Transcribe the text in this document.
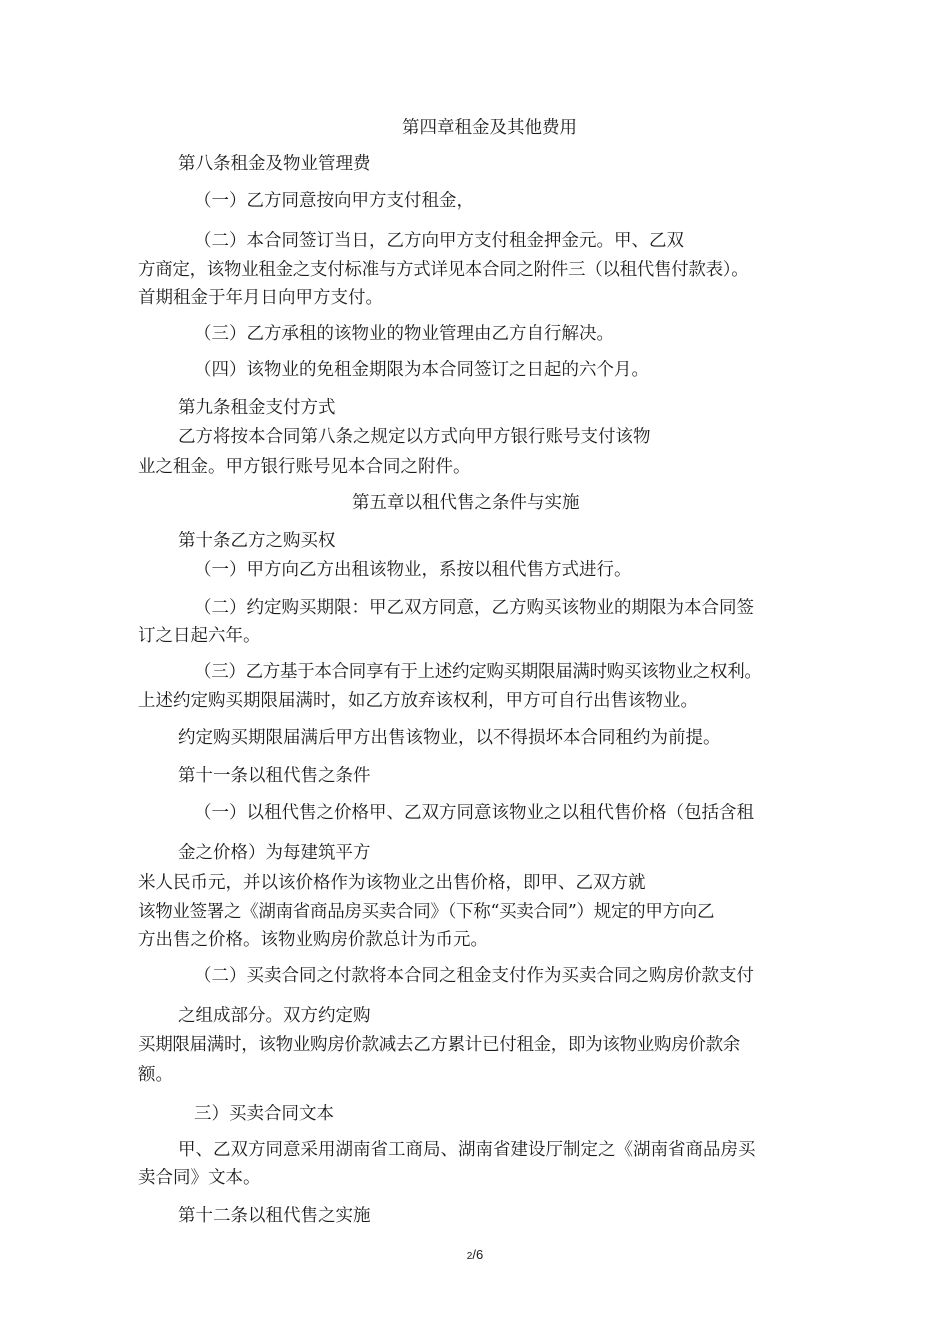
第四章租金及其他费用
第八条租金及物业管理费
（一）乙方同意按向甲方支付租金，
（二）本合同签订当日，乙方向甲方支付租金押金元。甲、乙双
方商定，该物业租金之支付标准与方式详见本合同之附件三（以租代售付款表）。
首期租金于年月日向甲方支付。
（三）乙方承租的该物业的物业管理由乙方自行解决。
（四）该物业的免租金期限为本合同签订之日起的六个月。
第九条租金支付方式
乙方将按本合同第八条之规定以方式向甲方银行账号支付该物
业之租金。甲方银行账号见本合同之附件。
第五章以租代售之条件与实施
第十条乙方之购买权
（一）甲方向乙方出租该物业，系按以租代售方式进行。
（二）约定购买期限：甲乙双方同意，乙方购买该物业的期限为本合同签
订之日起六年。
（三）乙方基于本合同享有于上述约定购买期限届满时购买该物业之权利。
上述约定购买期限届满时，如乙方放弃该权利，甲方可自行出售该物业。
约定购买期限届满后甲方出售该物业，以不得损坏本合同租约为前提。
第十一条以租代售之条件
（一）以租代售之价格甲、乙双方同意该物业之以租代售价格（包括含租
金之价格）为每建筑平方
米人民币元，并以该价格作为该物业之出售价格，即甲、乙双方就
该物业签署之《湖南省商品房买卖合同》（下称“买卖合同”）规定的甲方向乙
方出售之价格。该物业购房价款总计为币元。
（二）买卖合同之付款将本合同之租金支付作为买卖合同之购房价款支付
之组成部分。双方约定购
买期限届满时，该物业购房价款减去乙方累计已付租金，即为该物业购房价款余
额。
三）买卖合同文本
甲、乙双方同意采用湖南省工商局、湖南省建设厅制定之《湖南省商品房买
卖合同》文本。
第十二条以租代售之实施
2/6
